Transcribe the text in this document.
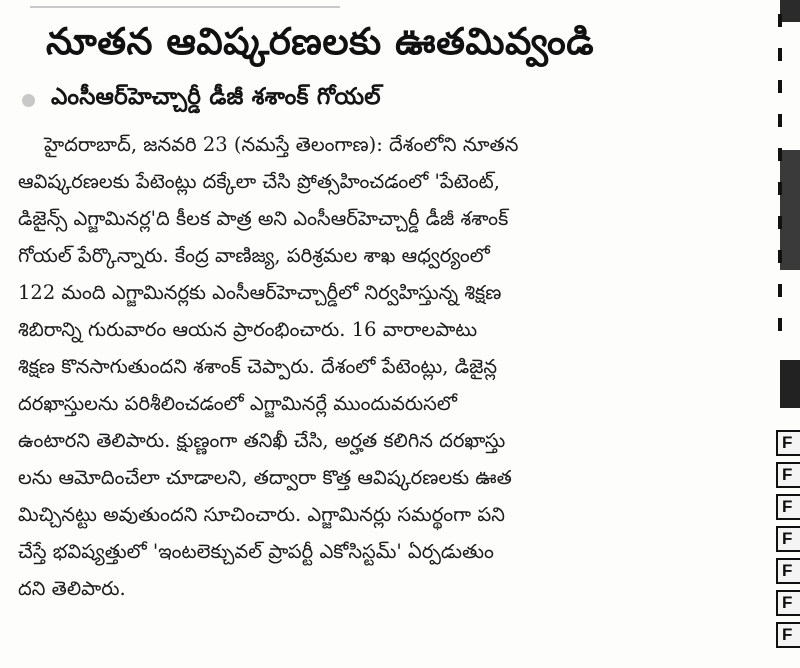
నూతన ఆవిష్కరణలకు ఊతమివ్వండి
ఎంసీఆర్‌హెచ్చార్డీ డీజీ శశాంక్ గోయల్
హైదరాబాద్, జనవరి 23 (నమస్తే తెలంగాణ): దేశంలోని నూతన
ఆవిష్కరణలకు పేటెంట్లు దక్కేలా చేసి ప్రోత్సహించడంలో 'పేటెంట్,
డిజైన్స్ ఎగ్జామినర్ల'ది కీలక పాత్ర అని ఎంసీఆర్‌హెచ్చార్డీ డీజీ శశాంక్
గోయల్ పేర్కొన్నారు. కేంద్ర వాణిజ్య, పరిశ్రమల శాఖ ఆధ్వర్యంలో
122 మంది ఎగ్జామినర్లకు ఎంసీఆర్‌హెచ్చార్డీలో నిర్వహిస్తున్న శిక్షణ
శిబిరాన్ని గురువారం ఆయన ప్రారంభించారు. 16 వారాలపాటు
శిక్షణ కొనసాగుతుందని శశాంక్ చెప్పారు. దేశంలో పేటెంట్లు, డిజైన్ల
దరఖాస్తులను పరిశీలించడంలో ఎగ్జామినర్లే ముందువరుసలో
ఉంటారని తెలిపారు. క్షుణ్ణంగా తనిఖీ చేసి, అర్హత కలిగిన దరఖాస్తు
లను ఆమోదించేలా చూడాలని, తద్వారా కొత్త ఆవిష్కరణలకు ఊత
మిచ్చినట్టు అవుతుందని సూచించారు. ఎగ్జామినర్లు సమర్థంగా పని
చేస్తే భవిష్యత్తులో 'ఇంటలెక్చువల్ ప్రాపర్టీ ఎకోసిస్టమ్' ఏర్పడుతుం
దని తెలిపారు.
F
F
F
F
F
F
F
